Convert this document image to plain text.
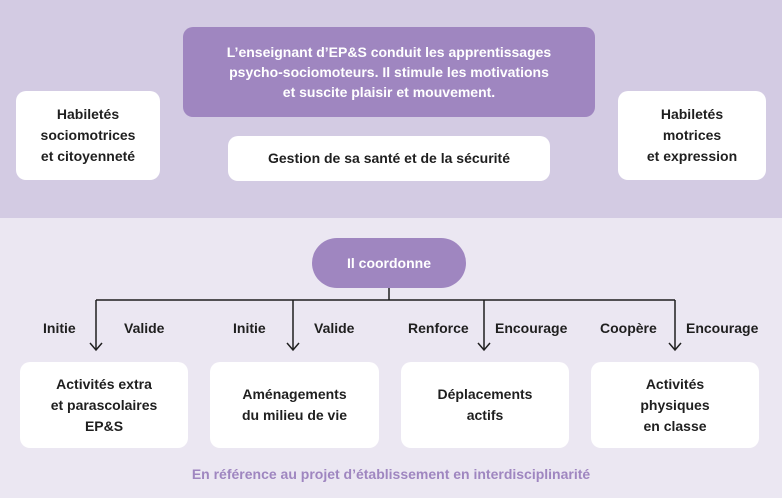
L’enseignant d’EP&S conduit les apprentissages
psycho-sociomoteurs. Il stimule les motivations
et suscite plaisir et mouvement.
Habiletés
sociomotrices
et citoyenneté	Gestion de sa santé et de la sécurité
Habiletés
motrices
et expression
Il coordonne
Initie	Valide	Initie	Valide	Renforce Encourage Coopère Encourage
Activités extra
et parascolaires
EP&S
Aménagements
du milieu de vie
Déplacements
actifs
Activités
physiques
en classe
En référence au projet d’établissement en interdisciplinarité
